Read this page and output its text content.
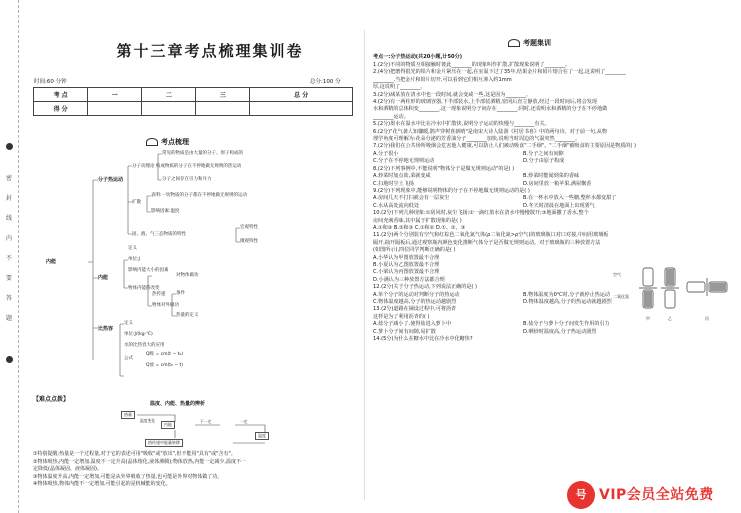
密
封
线
内
不
要
答
题
第十三章考点梳理集训卷
时间:60 分钟	总分:100 分
考 点	一	二	三	总 分
得 分				
考点梳理
内能
分子热运动
常见的物质是由大量的分子、原子构成的
分子动理论 构成物质的分子在不停地做无规则的热运动
分子之间存在引力和斥力
扩散
表明:一切物质的分子都在不停地做无规则的运动
影响因素:温度
固、液、气三态物质的特性
宏观特性
微观特性
内能
定义
单位:J
影响内能大小的因素
物体内能的改变
对物体做功
热传递 条件
热量的定义
物体对外做功
比热容
定义
单位:J/(kg·℃)
水的比热容大的应用
公式
Q吸 = cm(t − t₀)
Q放 = cm(t₀ − t)
【难点点拨】
温度、内能、热量的辨析
热量
内能
温度
热传递中能量转移
温度变化	不一定	一定
①特别提醒:热量是一个过程量,对于它的表述可用"吸收"或"放出",但不能用"具有"或"含有"。
②物体吸热,内能一定增加,温度不一定升高(晶体熔化,液体沸腾);物体放热,内能一定减少,温度不一
定降低(晶体凝固、液体凝固)。
③物体温度升高,内能一定增加,可能是从外界吸收了热量,也可能是外界对物体做了功。
④物体吸热,物体内能不一定增加,可能引起的是机械能的变化。
考题集训
考点一:分子热运动(共20小题,计50分)
1.(2分)不同的物质互相接触时彼此________的现象叫作扩散,扩散现象说明了________。
2.(4分)把磨得很光的铅片和金片紧压在一起,在室温下过了35年,结果金片和铅片熔合在了一起,这说明了________
________,当把金片和铅片切开,可以看到它们相互渗入约1mm
厚,这说明了________。
3.(2分)减某放在清水中也一段时间,就会变咸一些,这是因为________。
4.(2分)有一两柱形的玻璃容器,下半部装水,上半部装酒精,密闭后直立静放,经过一段时间后,将会发现
水和酒精的总体积变________,这一现象说明分子间存在________;同时,还说明水和酒精的分子在不停地做
________运动。
5.(2分)墨水在温水中比在冷水中扩散快,说明分子运动的快慢与________有关。
6.(2分)"花气袭人知骤暖,鹊声穿树喜新晴"是南宋大诗人陆游《村居书喜》中的两句诗。对于前一句,从物
理学角度可理解为:花朵分泌的芳香油分子________加快,说明当时周边的气温突然________。
7.(2分)我们在公共场所吸烟会危害他人健康,可以防止人们被动吸食"二手烟"。"二手烟"被吸食的主要原因是物质的( )
A.分子很小	B.分子之间有间隙
C.分子在不停地无规则运动	D.分子由原子构成
8.(2分)下列事例中,不能说明"物体分子是做无规则运动"的是( )
A.炒菜时加点盐,菜就变咸	B.炒菜时能闻到菜的香味
C.扫地时尘土飞扬	D.房间里放一箱苹果,满屋飘香
9.(2分)下列现象中,能够说明物体的分子在不停地做无规则运动的是( )
A.房间几天不打扫就会有一层灰尘	B.在一杯水中放入一些糖,整杯水都变甜了
C.水从高处流向低处	D.冬天时清晨在地面上出现雾气
10.(2分)下列几种现象:①刮风时,灰尘飞扬;②一滴红墨水在清水中慢慢散开;③地面撒了香水,整个
房间充满香味,其中属于扩散现象的是( )
A.①和③ B.②和③ C.①和② D.①、②、③
11.(2分)两个分别装有空气和红棕色二氧化氮气体(ρ二氧化氮>ρ空气)的玻璃瓶口对口对接,中间用玻璃板
隔开,抽开隔板后,通过观察瓶内颜色变化推断气体分子是否做无规则运动。对于玻璃瓶的三种放置方法
(如图所示),四位同学判断正确的是( )
A.小华认为甲图放置最不合理
B.小夏认为乙图放置最不合理
C.小梁认为丙图放置最不合理
D.小满认为三种放置方法都合理
12.(2分)关于分子热运动,下列说法正确的是( )
A.单个分子的运动对判断分子的热运动	B.物体温度为0℃时,分子就停止热运动
C.物体温度越高,分子的热运动越剧烈	D.物体温度越高,分子的热运动就越剧烈
13.(2分)道路在铺设过程中,可将沥青
这样是为了利用沥青的( )
A.盐分子减小了,使得盐进入萝卜中	B.盐分子与萝卜分子间发生作用的引力
C.萝卜分子间有间隙,易扩散	D.晒炒时温度高,分子热运动剧烈
14.(5分)为什么在糖水中比在冷水中化糖快?
空气
二氧化氮
甲	乙	丙
号 VIP会员全站免费
